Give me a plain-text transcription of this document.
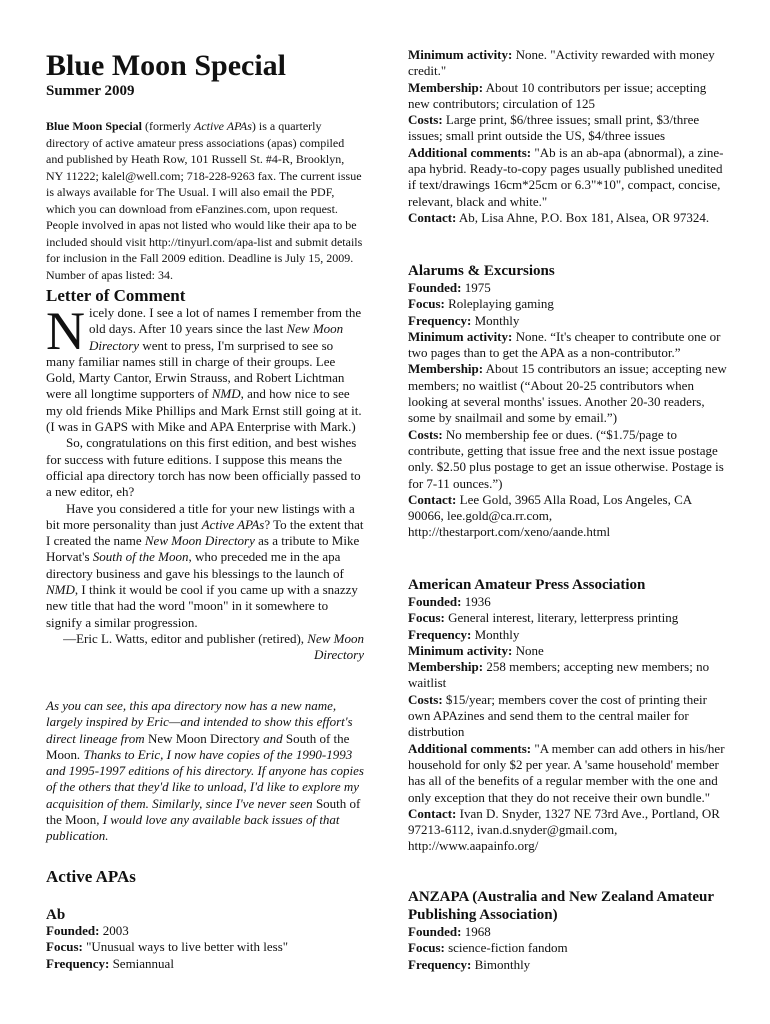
Blue Moon Special
Summer 2009

Blue Moon Special (formerly Active APAs) is a quarterly directory of active amateur press associations (apas) compiled and published by Heath Row, 101 Russell St. #4-R, Brooklyn, NY 11222; kalel@well.com; 718-228-9263 fax. The current issue is always available for The Usual. I will also email the PDF, which you can download from eFanzines.com, upon request. People involved in apas not listed who would like their apa to be included should visit http://tinyurl.com/apa-list and submit details for inclusion in the Fall 2009 edition. Deadline is July 15, 2009. Number of apas listed: 34.

Letter of Comment

Nicely done. I see a lot of names I remember from the old days. After 10 years since the last New Moon Directory went to press, I'm surprised to see so many familiar names still in charge of their groups. Lee Gold, Marty Cantor, Erwin Strauss, and Robert Lichtman were all longtime supporters of NMD, and how nice to see my old friends Mike Phillips and Mark Ernst still going at it. (I was in GAPS with Mike and APA Enterprise with Mark.)

So, congratulations on this first edition, and best wishes for success with future editions. I suppose this means the official apa directory torch has now been officially passed to a new editor, eh?

Have you considered a title for your new listings with a bit more personality than just Active APAs? To the extent that I created the name New Moon Directory as a tribute to Mike Horvat's South of the Moon, who preceded me in the apa directory business and gave his blessings to the launch of NMD, I think it would be cool if you came up with a snazzy new title that had the word "moon" in it somewhere to signify a similar progression.

—Eric L. Watts, editor and publisher (retired), New Moon Directory

As you can see, this apa directory now has a new name, largely inspired by Eric—and intended to show this effort's direct lineage from New Moon Directory and South of the Moon. Thanks to Eric, I now have copies of the 1990-1993 and 1995-1997 editions of his directory. If anyone has copies of the others that they'd like to unload, I'd like to explore my acquisition of them. Similarly, since I've never seen South of the Moon, I would love any available back issues of that publication.

Active APAs
Ab
Founded: 2003
Focus: "Unusual ways to live better with less"
Frequency: Semiannual
Minimum activity: None. "Activity rewarded with money credit."
Membership: About 10 contributors per issue; accepting new contributors; circulation of 125
Costs: Large print, $6/three issues; small print, $3/three issues; small print outside the US, $4/three issues
Additional comments: "Ab is an ab-apa (abnormal), a zine-apa hybrid. Ready-to-copy pages usually published unedited if text/drawings 16cm*25cm or 6.3"*10", compact, concise, relevant, black and white."
Contact: Ab, Lisa Ahne, P.O. Box 181, Alsea, OR 97324.
Alarums & Excursions
Founded: 1975
Focus: Roleplaying gaming
Frequency: Monthly
Minimum activity: None. “It's cheaper to contribute one or two pages than to get the APA as a non-contributor.”
Membership: About 15 contributors an issue; accepting new members; no waitlist (“About 20-25 contributors when looking at several months' issues. Another 20-30 readers, some by snailmail and some by email.”)
Costs: No membership fee or dues. (“$1.75/page to contribute, getting that issue free and the next issue postage only. $2.50 plus postage to get an issue otherwise. Postage is for 7-11 ounces.”)
Contact: Lee Gold, 3965 Alla Road, Los Angeles, CA 90066, lee.gold@ca.rr.com, http://thestarport.com/xeno/aande.html
American Amateur Press Association
Founded: 1936
Focus: General interest, literary, letterpress printing
Frequency: Monthly
Minimum activity: None
Membership: 258 members; accepting new members; no waitlist
Costs: $15/year; members cover the cost of printing their own APAzines and send them to the central mailer for distrbution
Additional comments: "A member can add others in his/her household for only $2 per year. A 'same household' member has all of the benefits of a regular member with the one and only exception that they do not receive their own bundle."
Contact: Ivan D. Snyder, 1327 NE 73rd Ave., Portland, OR 97213-6112, ivan.d.snyder@gmail.com, http://www.aapainfo.org/
ANZAPA (Australia and New Zealand Amateur Publishing Association)
Founded: 1968
Focus: science-fiction fandom
Frequency: Bimonthly
